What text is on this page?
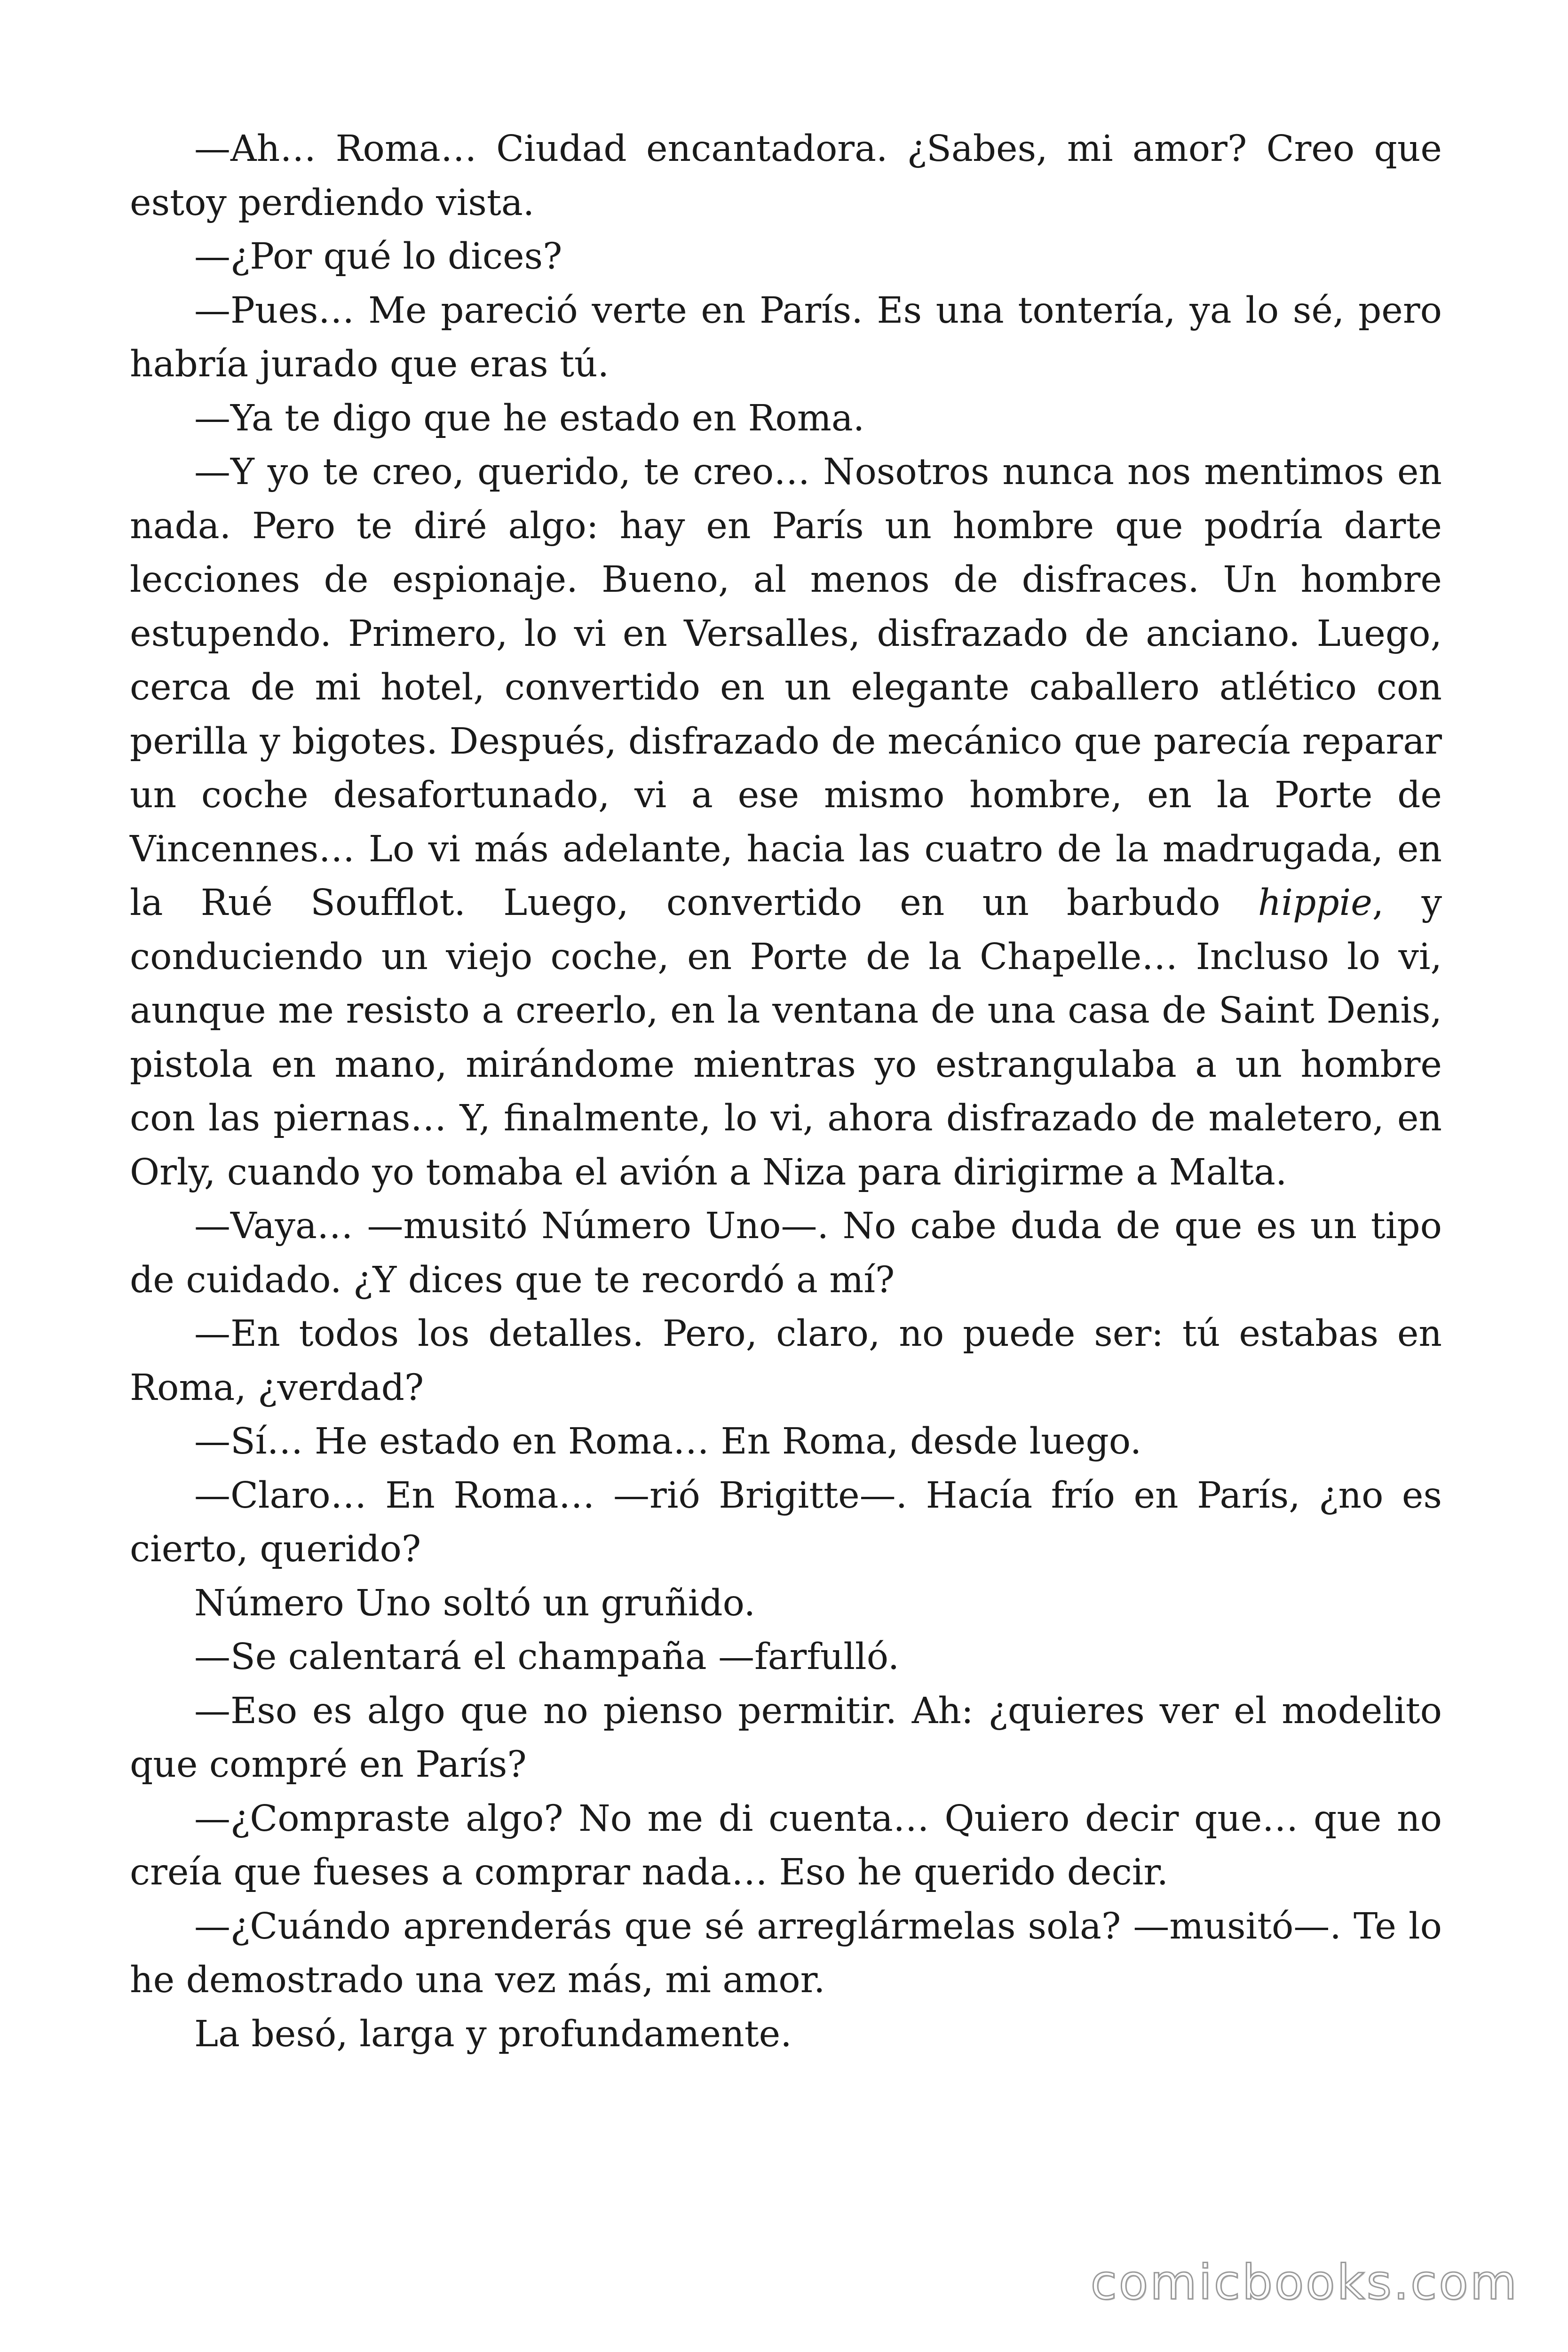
—Ah… Roma… Ciudad encantadora. ¿Sabes, mi amor? Creo que estoy perdiendo vista.

—¿Por qué lo dices?

—Pues… Me pareció verte en París. Es una tontería, ya lo sé, pero habría jurado que eras tú.

—Ya te digo que he estado en Roma.

—Y yo te creo, querido, te creo… Nosotros nunca nos mentimos en nada. Pero te diré algo: hay en París un hombre que podría darte lecciones de espionaje. Bueno, al menos de disfraces. Un hombre estupendo. Primero, lo vi en Versalles, disfrazado de anciano. Luego, cerca de mi hotel, convertido en un elegante caballero atlético con perilla y bigotes. Después, disfrazado de mecánico que parecía reparar un coche desafortunado, vi a ese mismo hombre, en la Porte de Vincennes… Lo vi más adelante, hacia las cuatro de la madrugada, en la Rué Soufflot. Luego, convertido en un barbudo hippie, y conduciendo un viejo coche, en Porte de la Chapelle… Incluso lo vi, aunque me resisto a creerlo, en la ventana de una casa de Saint Denis, pistola en mano, mirándome mientras yo estrangulaba a un hombre con las piernas… Y, finalmente, lo vi, ahora disfrazado de maletero, en Orly, cuando yo tomaba el avión a Niza para dirigirme a Malta.

—Vaya… —musitó Número Uno—. No cabe duda de que es un tipo de cuidado. ¿Y dices que te recordó a mí?

—En todos los detalles. Pero, claro, no puede ser: tú estabas en Roma, ¿verdad?

—Sí… He estado en Roma… En Roma, desde luego.

—Claro… En Roma… —rió Brigitte—. Hacía frío en París, ¿no es cierto, querido?

Número Uno soltó un gruñido.

—Se calentará el champaña —farfulló.

—Eso es algo que no pienso permitir. Ah: ¿quieres ver el modelito que compré en París?

—¿Compraste algo? No me di cuenta… Quiero decir que… que no creía que fueses a comprar nada… Eso he querido decir.

—¿Cuándo aprenderás que sé arreglármelas sola? —musitó—. Te lo he demostrado una vez más, mi amor.

La besó, larga y profundamente.

comicbooks.com
